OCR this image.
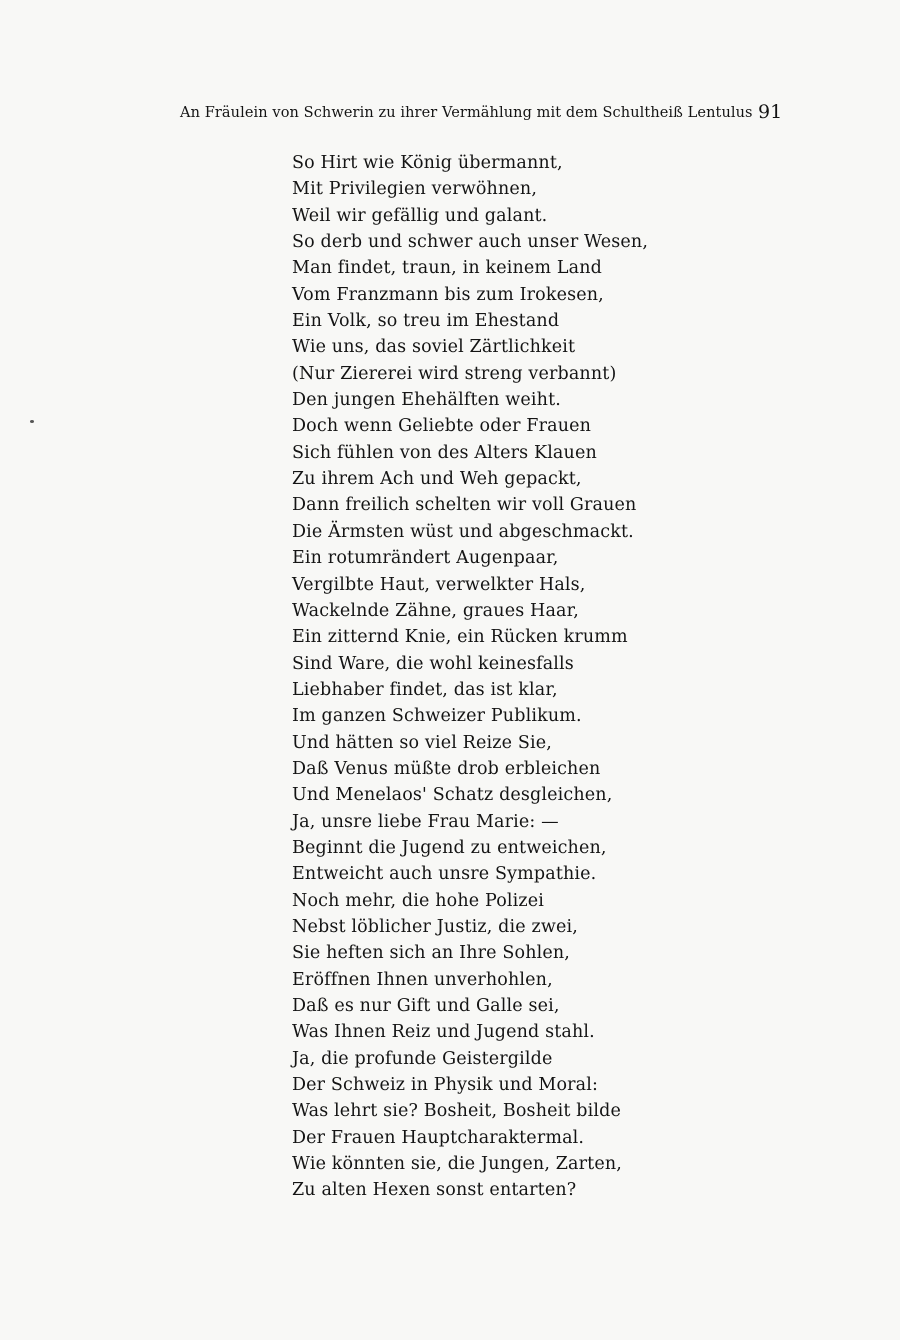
An Fräulein von Schwerin zu ihrer Vermählung mit dem Schultheiß Lentulus 91
So Hirt wie König übermannt,
Mit Privilegien verwöhnen,
Weil wir gefällig und galant.
So derb und schwer auch unser Wesen,
Man findet, traun, in keinem Land
Vom Franzmann bis zum Irokesen,
Ein Volk, so treu im Ehestand
Wie uns, das soviel Zärtlichkeit
(Nur Ziererei wird streng verbannt)
Den jungen Ehehälften weiht.
Doch wenn Geliebte oder Frauen
Sich fühlen von des Alters Klauen
Zu ihrem Ach und Weh gepackt,
Dann freilich schelten wir voll Grauen
Die Ärmsten wüst und abgeschmackt.
Ein rotumrändert Augenpaar,
Vergilbte Haut, verwelkter Hals,
Wackelnde Zähne, graues Haar,
Ein zitternd Knie, ein Rücken krumm
Sind Ware, die wohl keinesfalls
Liebhaber findet, das ist klar,
Im ganzen Schweizer Publikum.
Und hätten so viel Reize Sie,
Daß Venus müßte drob erbleichen
Und Menelaos' Schatz desgleichen,
Ja, unsre liebe Frau Marie: —
Beginnt die Jugend zu entweichen,
Entweicht auch unsre Sympathie.
Noch mehr, die hohe Polizei
Nebst löblicher Justiz, die zwei,
Sie heften sich an Ihre Sohlen,
Eröffnen Ihnen unverhohlen,
Daß es nur Gift und Galle sei,
Was Ihnen Reiz und Jugend stahl.
Ja, die profunde Geistergilde
Der Schweiz in Physik und Moral:
Was lehrt sie? Bosheit, Bosheit bilde
Der Frauen Hauptcharaktermal.
Wie könnten sie, die Jungen, Zarten,
Zu alten Hexen sonst entarten?
